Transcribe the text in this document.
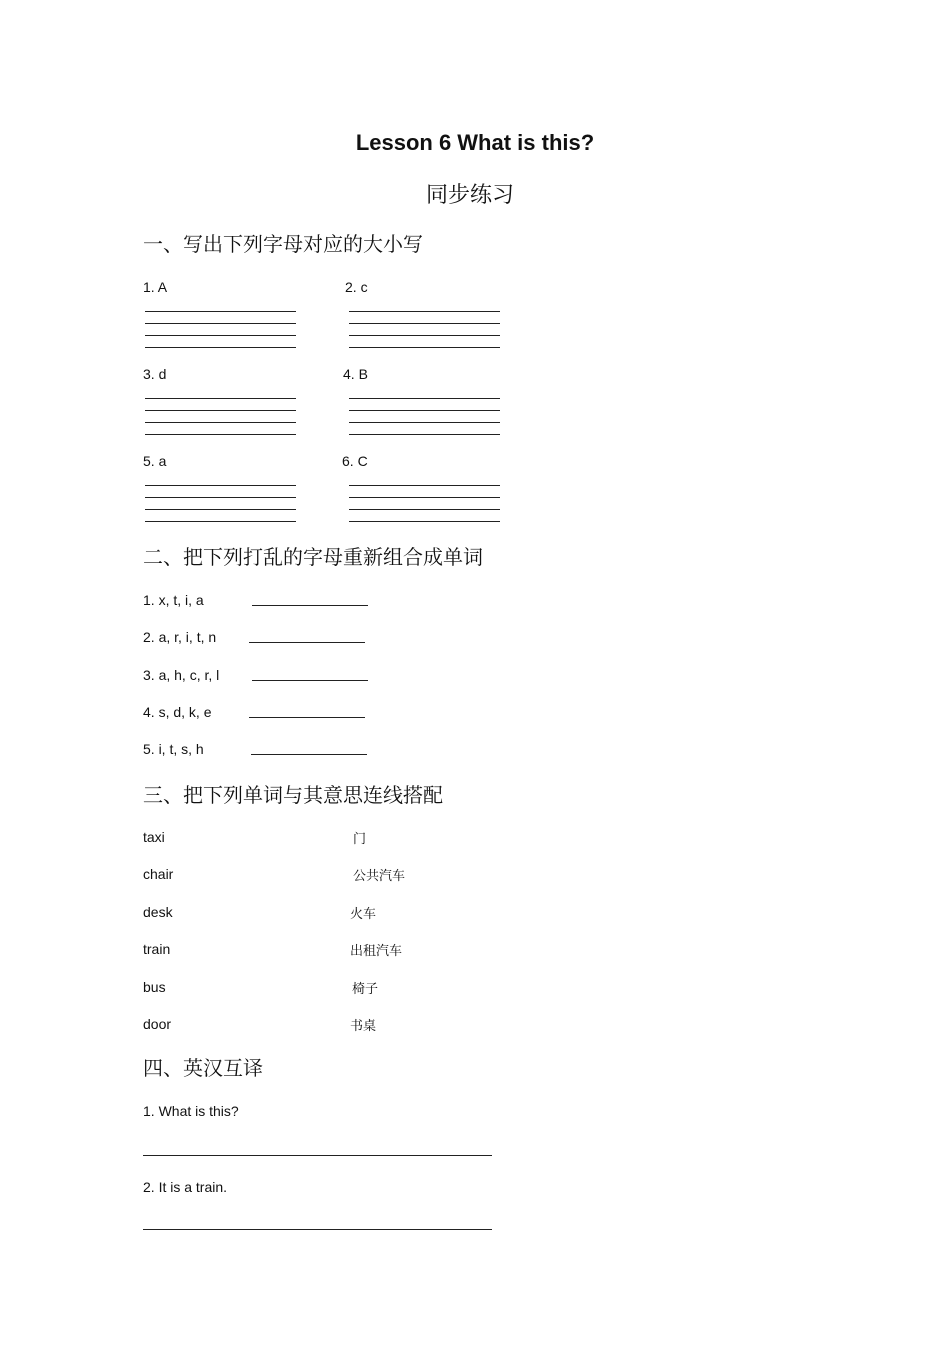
Lesson 6 What is this?
同步练习
一、写出下列字母对应的大小写
1. A	2. c
3. d	4. B
5. a	6. C
二、把下列打乱的字母重新组合成单词
1. x, t, i, a
2. a, r, i, t, n
3. a, h, c, r, l
4. s, d, k, e
5. i, t, s, h
三、把下列单词与其意思连线搭配
taxi	门
chair	公共汽车
desk	火车
train	出租汽车
bus	椅子
door	书桌
四、英汉互译
1. What is this?
2. It is a train.
